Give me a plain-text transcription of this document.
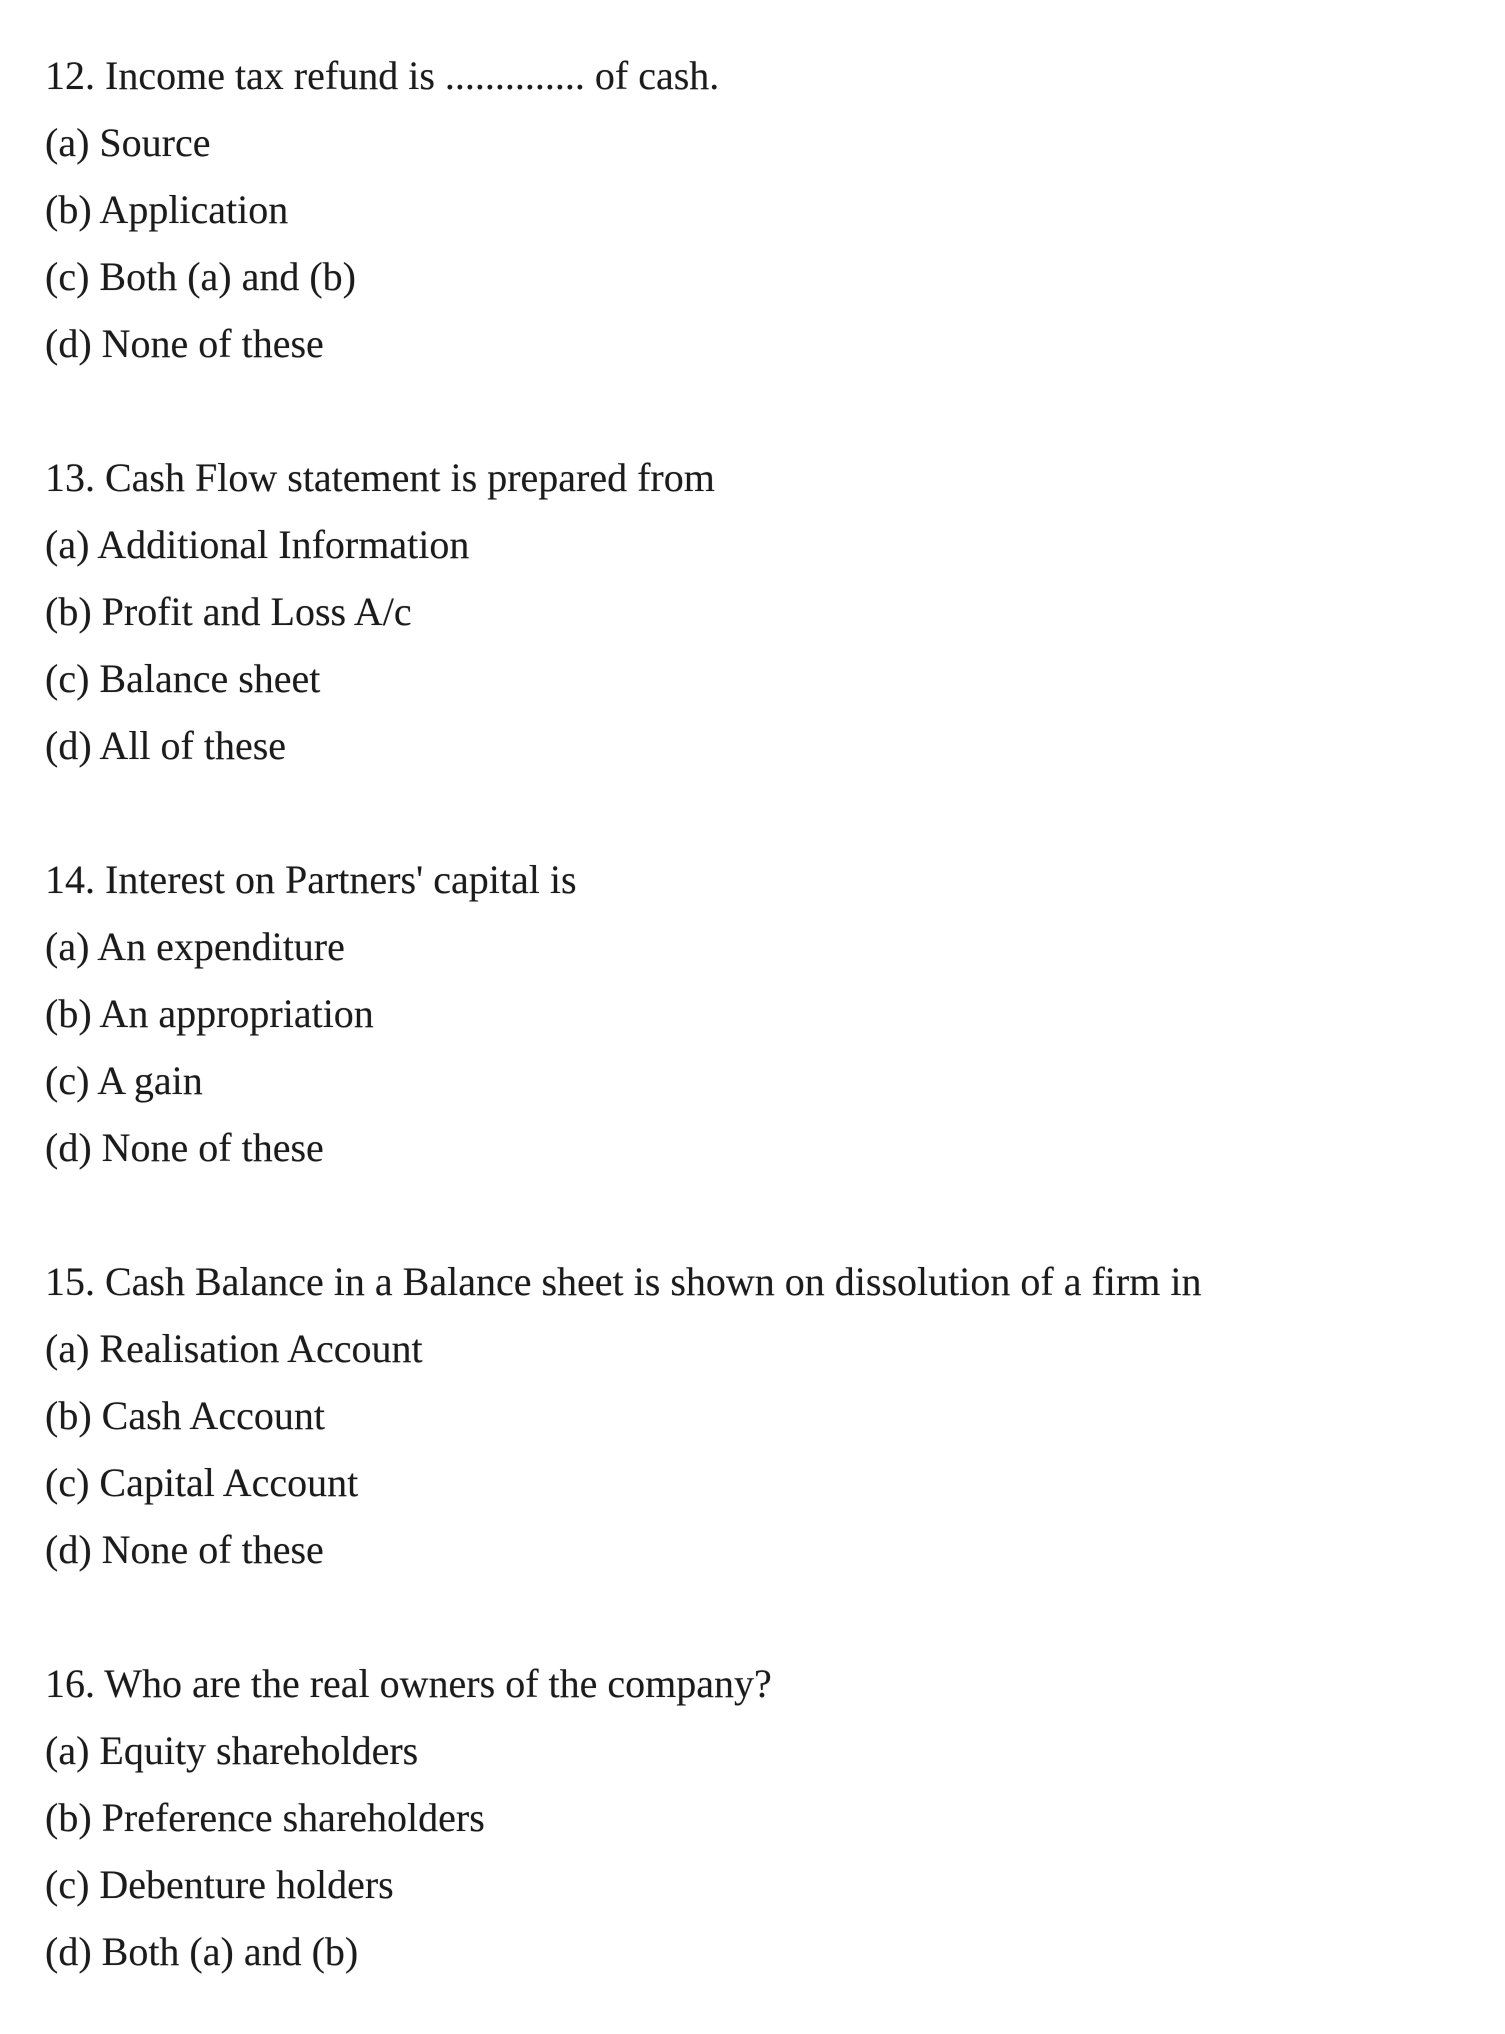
12. Income tax refund is .............. of cash.

(a) Source

(b) Application

(c) Both (a) and (b)

(d) None of these

13. Cash Flow statement is prepared from

(a) Additional Information

(b) Profit and Loss A/c

(c) Balance sheet

(d) All of these

14. Interest on Partners' capital is

(a) An expenditure

(b) An appropriation

(c) A gain

(d) None of these

15. Cash Balance in a Balance sheet is shown on dissolution of a firm in

(a) Realisation Account

(b) Cash Account

(c) Capital Account

(d) None of these

16. Who are the real owners of the company?

(a) Equity shareholders

(b) Preference shareholders

(c) Debenture holders

(d) Both (a) and (b)
